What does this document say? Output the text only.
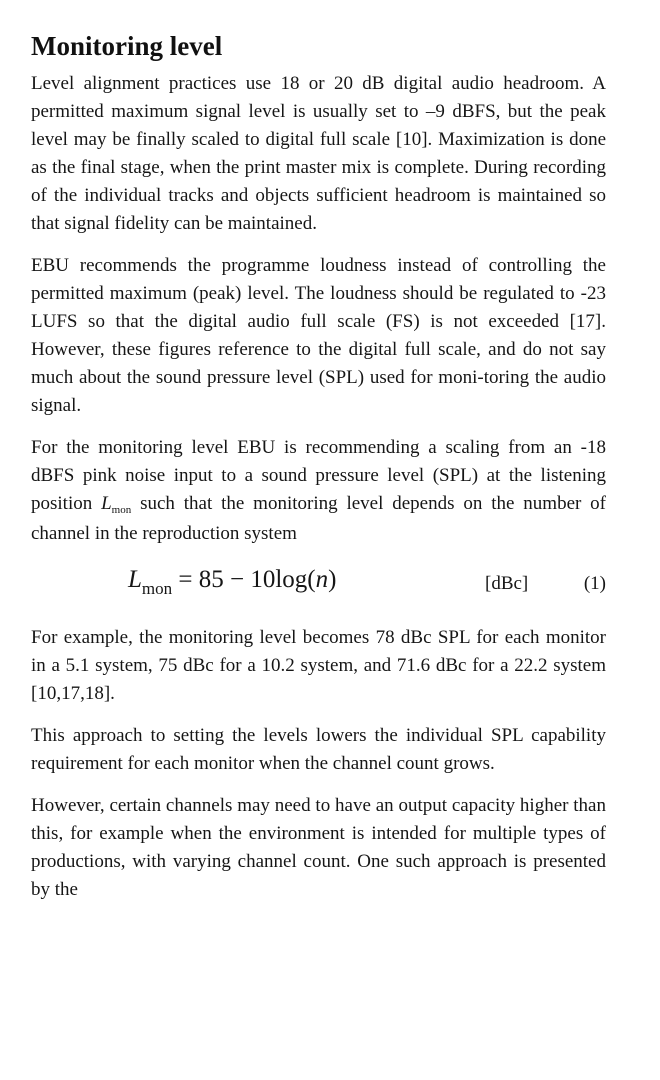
Monitoring level

Level alignment practices use 18 or 20 dB digital audio headroom. A permitted maximum signal level is usually set to –9 dBFS, but the peak level may be finally scaled to digital full scale [10]. Maximization is done as the final stage, when the print master mix is complete. During recording of the individual tracks and objects sufficient headroom is maintained so that signal fidelity can be maintained.

EBU recommends the programme loudness instead of controlling the permitted maximum (peak) level. The loudness should be regulated to -23 LUFS so that the digital audio full scale (FS) is not exceeded [17]. However, these figures reference to the digital full scale, and do not say much about the sound pressure level (SPL) used for moni-toring the audio signal.

For the monitoring level EBU is recommending a scaling from an -18 dBFS pink noise input to a sound pressure level (SPL) at the listening position $L_{mon}$ such that the monitoring level depends on the number of channel in the reproduction system

$L_{mon} = 85 - 10\log(n)$	[dBc]	(1)

For example, the monitoring level becomes 78 dBc SPL for each monitor in a 5.1 system, 75 dBc for a 10.2 system, and 71.6 dBc for a 22.2 system [10,17,18].

This approach to setting the levels lowers the individual SPL capability requirement for each monitor when the channel count grows.

However, certain channels may need to have an output capacity higher than this, for example when the environment is intended for multiple types of productions, with varying channel count. One such approach is presented by the
